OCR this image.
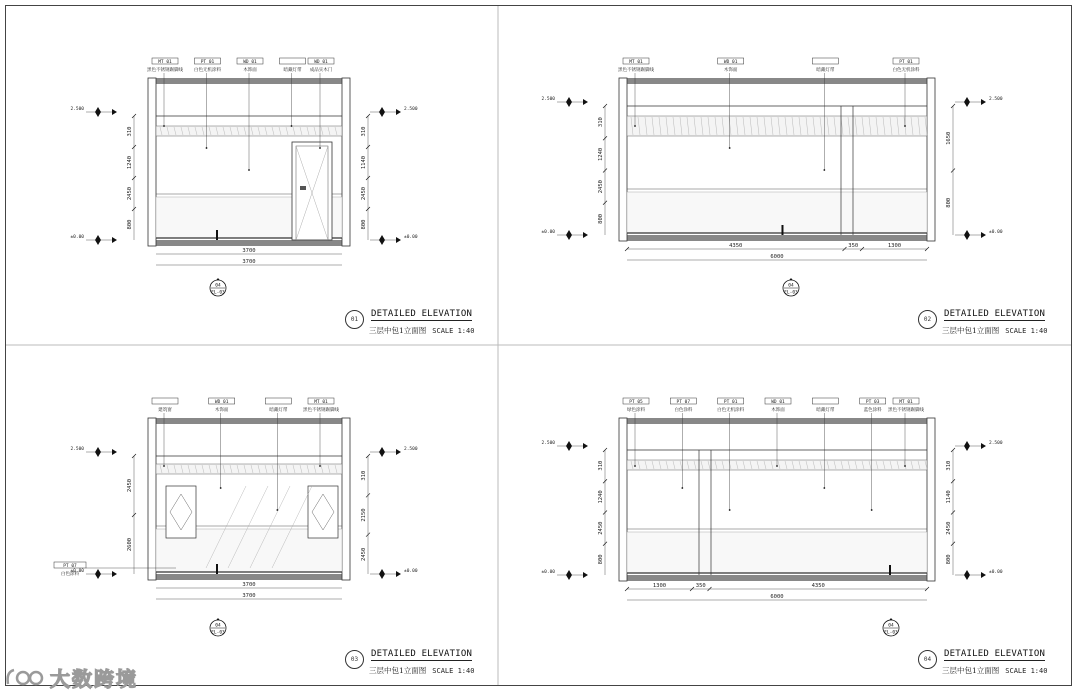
MT 01
黑色不锈钢踢脚线
PT 01
白色无机涂料
WD 01
木饰面	暗藏灯带
WD 01
成品实木门
2.500
±0.00
2.500
±0.00
310
1240
2450
800
310
1140
2450
800
3700
3700
04
EL-03
01
DETAILED ELEVATION
三层中包1立面图 SCALE 1:40
MT 01
黑色不锈钢踢脚线
WD 01
木饰面	暗藏灯带
PT 01
白色无机涂料
2.500
±0.00
2.500
±0.00
310
1240
2450
800
1650
800
4350	350	1300
6000
04
EL-03
02
DETAILED ELEVATION
三层中包1立面图 SCALE 1:40
建筑窗
WD 01
木饰面	暗藏灯带
MT 01
黑色不锈钢踢脚线
PT 07
白色涂料
2.500
±0.00
2.500
±0.00
2450
2600
310
2150
2450
3700
3700
04
EL-03
03
DETAILED ELEVATION
三层中包1立面图 SCALE 1:40
PT 05
绿色涂料
PT 07
白色涂料
PT 01
白色无机涂料
WD 01
木饰面	暗藏灯带
PT 03
蓝色涂料
MT 01
黑色不锈钢踢脚线
2.500
±0.00
2.500
±0.00
310
1240
2450
800
310
1140
2450
800
1300	350	4350
6000
04
EL-03
04
DETAILED ELEVATION
三层中包1立面图 SCALE 1:40
大数跨境
